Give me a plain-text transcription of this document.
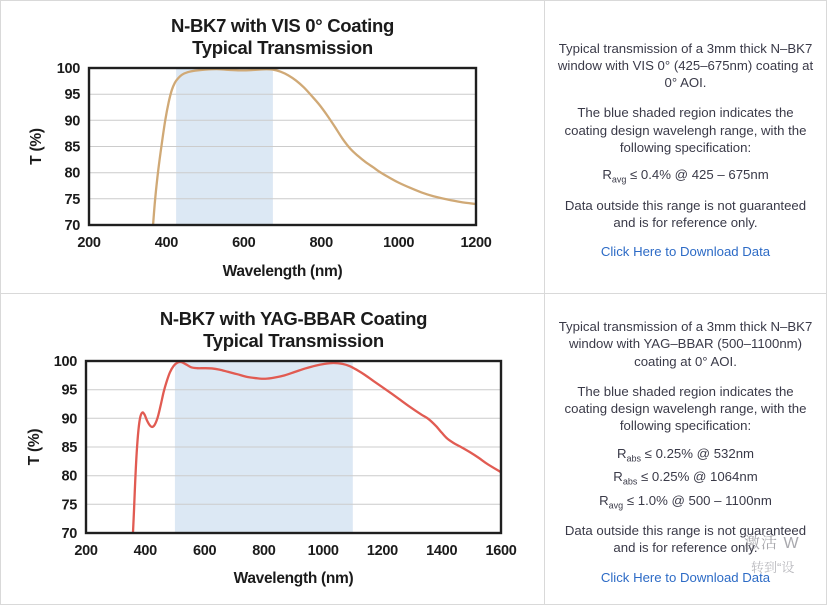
N-BK7 with VIS 0° Coating
Typical Transmission
200	400	600	800	1000	1200
70
75
80
85
90
95
100
Wavelength (nm)
T (%)

Typical transmission of a 3mm thick N–BK7 window with VIS 0° (425–675nm) coating at 0° AOI.

The blue shaded region indicates the coating design wavelengh range, with the following specification:

$R_{avg} \le 0.4\%$ @ 425 – 675nm

Data outside this range is not guaranteed and is for reference only.

Click Here to Download Data
N-BK7 with YAG-BBAR Coating
Typical Transmission
200 400 600 800 1000 1200 1400 1600
70
75
80
85
90
95
100
Wavelength (nm)
T (%)

Typical transmission of a 3mm thick N–BK7 window with YAG–BBAR (500–1100nm) coating at 0° AOI.

The blue shaded region indicates the coating design wavelengh range, with the following specification:

$R_{abs} \le 0.25\%$ @ 532nm
$R_{abs} \le 0.25\%$ @ 1064nm
$R_{avg} \le 1.0\%$ @ 500 – 1100nm

Data outside this range is not guaranteed and is for reference only.

Click Here to Download Data
激活 W
转到“设
